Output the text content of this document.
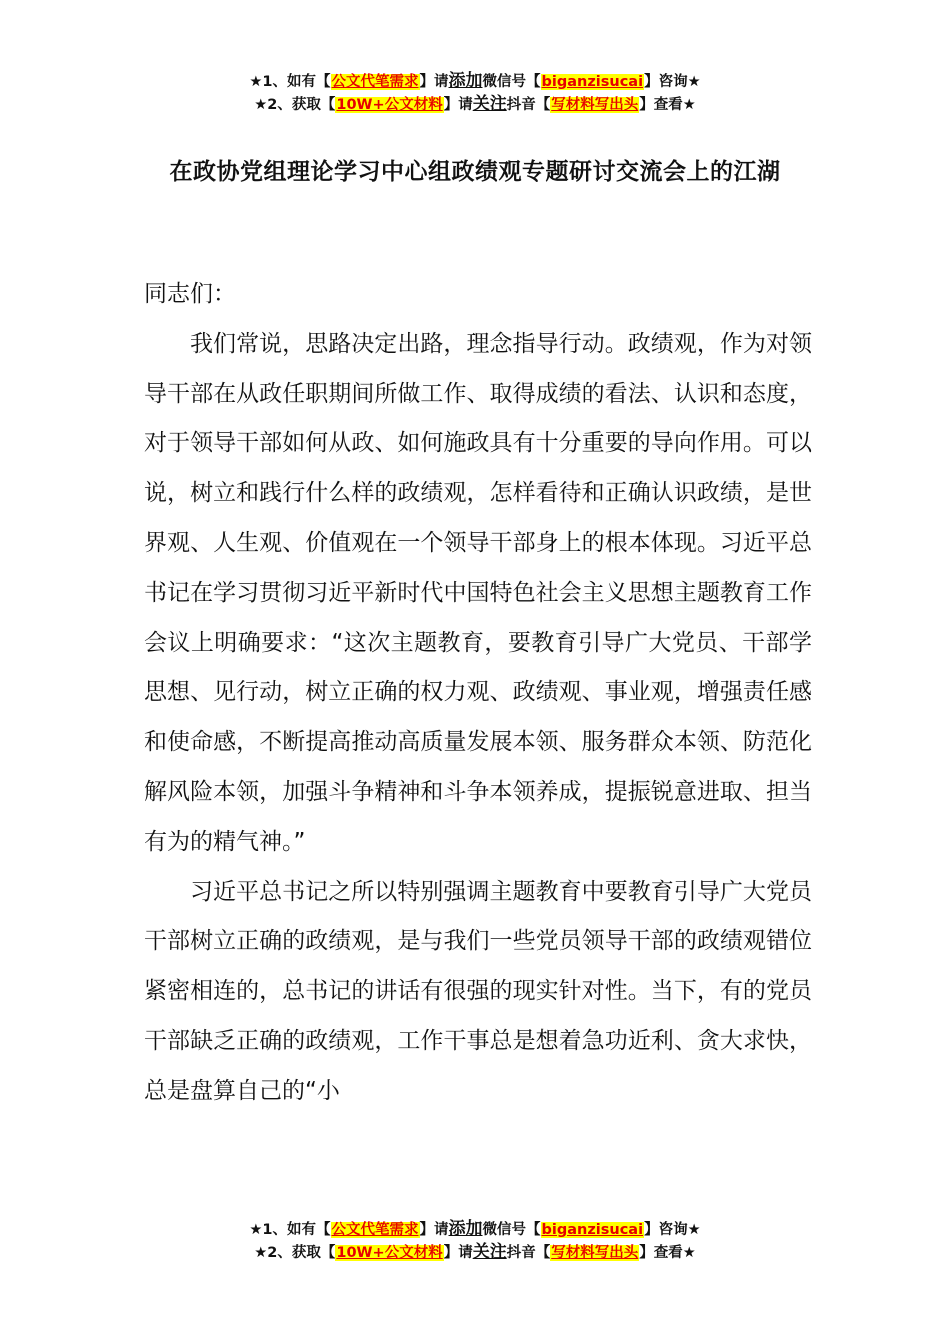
★1、如有【公文代笔需求】请添加微信号【biganzisucai】咨询★
★2、获取【10W+公文材料】请关注抖音【写材料写出头】查看★
在政协党组理论学习中心组政绩观专题研讨交流会上的江湖

同志们：

我们常说，思路决定出路，理念指导行动。政绩观，作为对领导干部在从政任职期间所做工作、取得成绩的看法、认识和态度，对于领导干部如何从政、如何施政具有十分重要的导向作用。可以说，树立和践行什么样的政绩观，怎样看待和正确认识政绩，是世界观、人生观、价值观在一个领导干部身上的根本体现。习近平总书记在学习贯彻习近平新时代中国特色社会主义思想主题教育工作会议上明确要求：“这次主题教育，要教育引导广大党员、干部学思想、见行动，树立正确的权力观、政绩观、事业观，增强责任感和使命感，不断提高推动高质量发展本领、服务群众本领、防范化解风险本领，加强斗争精神和斗争本领养成，提振锐意进取、担当有为的精气神。”

习近平总书记之所以特别强调主题教育中要教育引导广大党员干部树立正确的政绩观，是与我们一些党员领导干部的政绩观错位紧密相连的，总书记的讲话有很强的现实针对性。当下，有的党员干部缺乏正确的政绩观，工作干事总是想着急功近利、贪大求快，总是盘算自己的“小

★1、如有【公文代笔需求】请添加微信号【biganzisucai】咨询★
★2、获取【10W+公文材料】请关注抖音【写材料写出头】查看★
